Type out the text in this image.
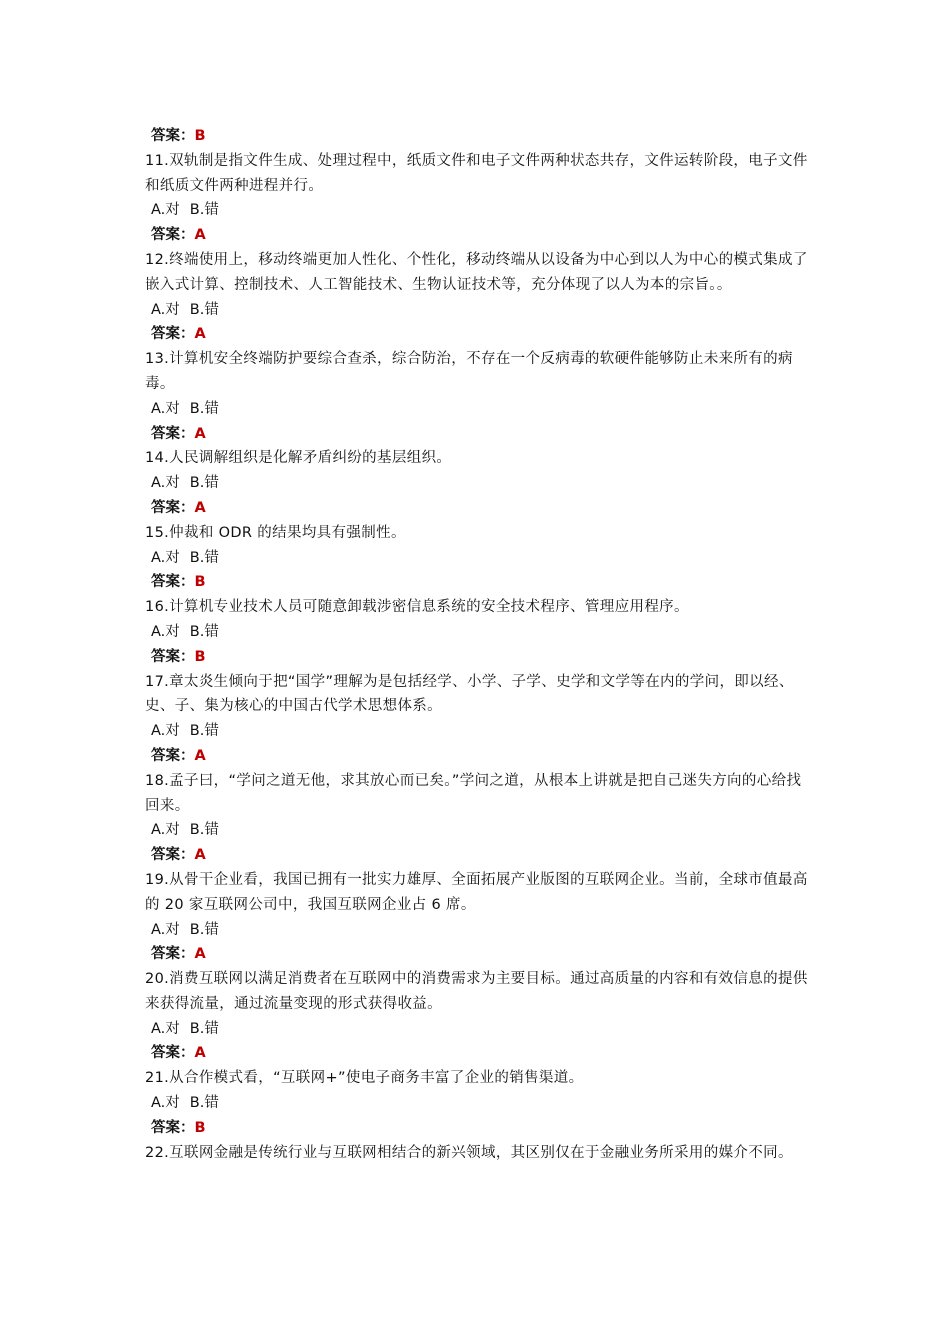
答案：B
11.双轨制是指文件生成、处理过程中，纸质文件和电子文件两种状态共存，文件运转阶段，电子文件和纸质文件两种进程并行。
A.对 B.错
答案：A
12.终端使用上，移动终端更加人性化、个性化，移动终端从以设备为中心到以人为中心的模式集成了嵌入式计算、控制技术、人工智能技术、生物认证技术等，充分体现了以人为本的宗旨。。
A.对 B.错
答案：A
13.计算机安全终端防护要综合查杀，综合防治，不存在一个反病毒的软硬件能够防止未来所有的病毒。
A.对 B.错
答案：A
14.人民调解组织是化解矛盾纠纷的基层组织。
A.对 B.错
答案：A
15.仲裁和 ODR 的结果均具有强制性。
A.对 B.错
答案：B
16.计算机专业技术人员可随意卸载涉密信息系统的安全技术程序、管理应用程序。
A.对 B.错
答案：B
17.章太炎生倾向于把“国学”理解为是包括经学、小学、子学、史学和文学等在内的学问，即以经、史、子、集为核心的中国古代学术思想体系。
A.对 B.错
答案：A
18.孟子曰，“学问之道无他，求其放心而已矣。”学问之道，从根本上讲就是把自己迷失方向的心给找回来。
A.对 B.错
答案：A
19.从骨干企业看，我国已拥有一批实力雄厚、全面拓展产业版图的互联网企业。当前，全球市值最高的 20 家互联网公司中，我国互联网企业占 6 席。
A.对 B.错
答案：A
20.消费互联网以满足消费者在互联网中的消费需求为主要目标。通过高质量的内容和有效信息的提供来获得流量，通过流量变现的形式获得收益。
A.对 B.错
答案：A
21.从合作模式看，“互联网+”使电子商务丰富了企业的销售渠道。
A.对 B.错
答案：B
22.互联网金融是传统行业与互联网相结合的新兴领域，其区别仅在于金融业务所采用的媒介不同。
